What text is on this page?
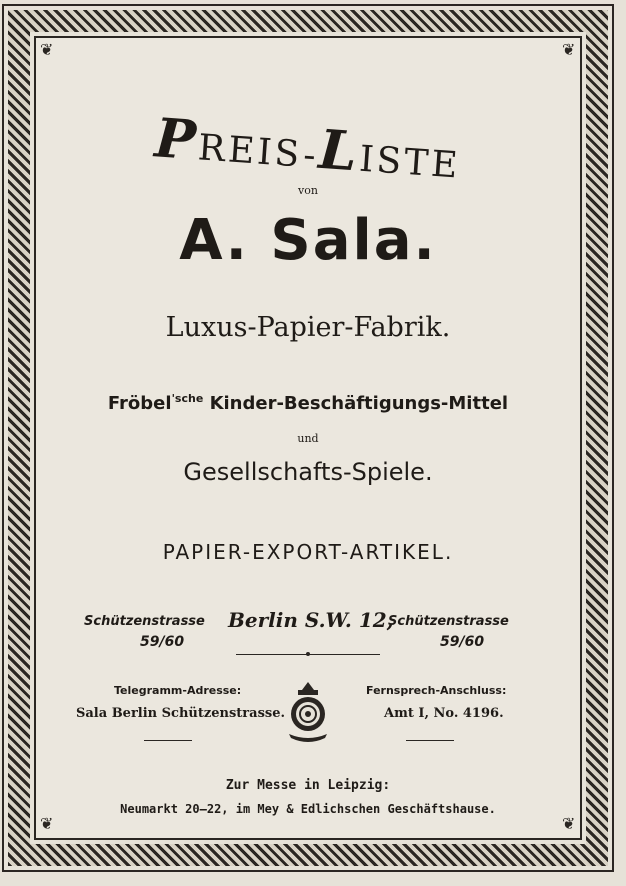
❦	❦
❦	❦
PREIS-LISTE
von
A. Sala.
Luxus-Papier-Fabrik.
Fröbel$^{'sche}$ Kinder-Beschäftigungs-Mittel
und
Gesellschafts-Spiele.
PAPIER-EXPORT-ARTIKEL.
Schützenstrasse Berlin S.W. 12,
Schützenstrasse
59/60	59/60
Telegramm-Adresse:
Sala Berlin Schützenstrasse.
Fernsprech-Anschluss:
Amt I, No. 4196.
Zur Messe in Leipzig:
Neumarkt 20—22, im Mey & Edlichschen Geschäftshause.
